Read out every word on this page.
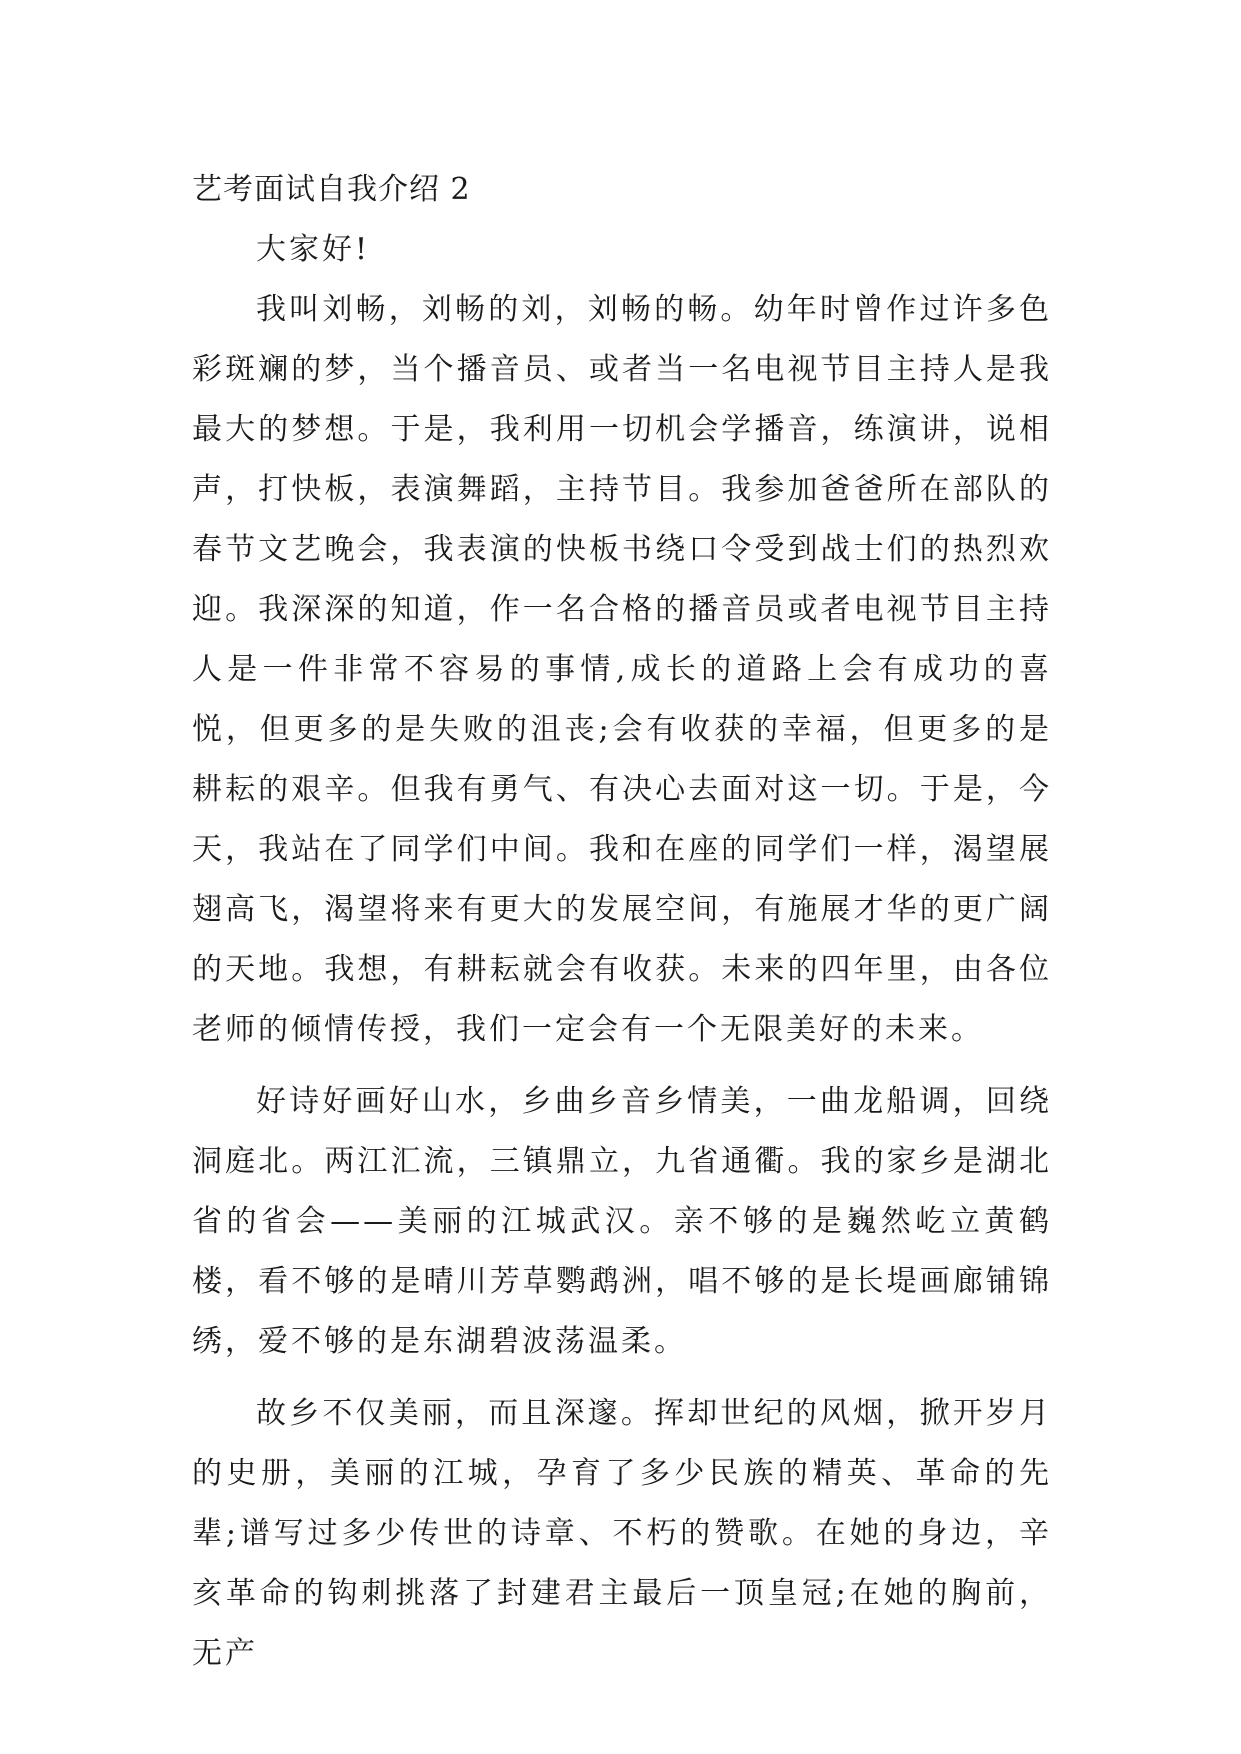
艺考面试自我介绍 2

大家好!

我叫刘畅，刘畅的刘，刘畅的畅。幼年时曾作过许多色彩斑斓的梦，当个播音员、或者当一名电视节目主持人是我最大的梦想。于是，我利用一切机会学播音，练演讲，说相声，打快板，表演舞蹈，主持节目。我参加爸爸所在部队的春节文艺晚会，我表演的快板书绕口令受到战士们的热烈欢迎。我深深的知道，作一名合格的播音员或者电视节目主持人是一件非常不容易的事情,成长的道路上会有成功的喜悦，但更多的是失败的沮丧;会有收获的幸福，但更多的是耕耘的艰辛。但我有勇气、有决心去面对这一切。于是，今天，我站在了同学们中间。我和在座的同学们一样，渴望展翅高飞，渴望将来有更大的发展空间，有施展才华的更广阔的天地。我想，有耕耘就会有收获。未来的四年里，由各位老师的倾情传授，我们一定会有一个无限美好的未来。

好诗好画好山水，乡曲乡音乡情美，一曲龙船调，回绕洞庭北。两江汇流，三镇鼎立，九省通衢。我的家乡是湖北省的省会——美丽的江城武汉。亲不够的是巍然屹立黄鹤楼，看不够的是晴川芳草鹦鹉洲，唱不够的是长堤画廊铺锦绣，爱不够的是东湖碧波荡温柔。

故乡不仅美丽，而且深邃。挥却世纪的风烟，掀开岁月的史册，美丽的江城，孕育了多少民族的精英、革命的先辈;谱写过多少传世的诗章、不朽的赞歌。在她的身边，辛亥革命的钩刺挑落了封建君主最后一顶皇冠;在她的胸前，无产
